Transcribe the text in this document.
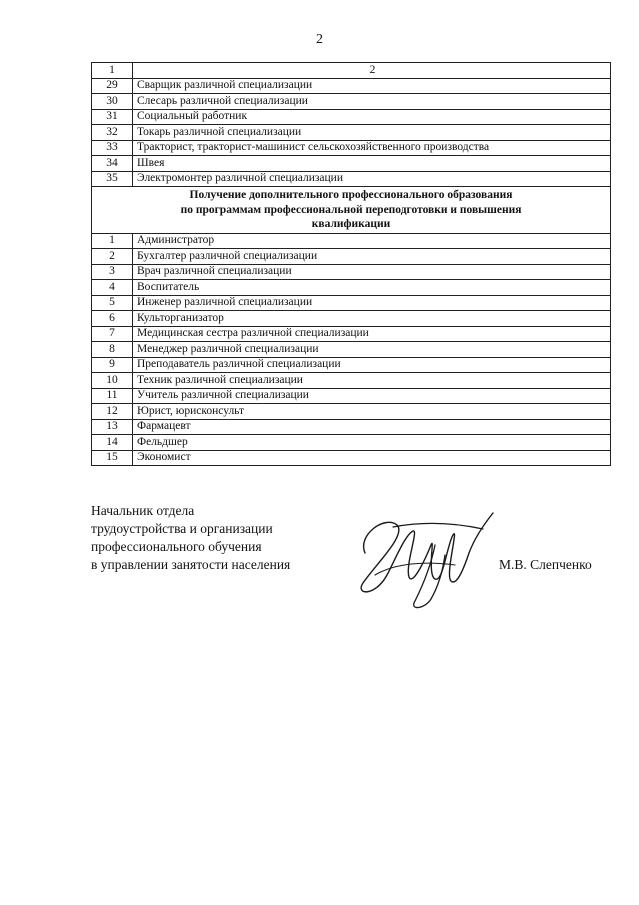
2
1	2
29	Сварщик различной специализации
30	Слесарь различной специализации
31	Социальный работник
32	Токарь различной специализации
33	Тракторист, тракторист-машинист сельскохозяйственного производства
34	Швея
35	Электромонтер различной специализации

Получение дополнительного профессионального образования
по программам профессиональной переподготовки и повышения
квалификации	

1	Администратор
2	Бухгалтер различной специализации
3	Врач различной специализации
4	Воспитатель
5	Инженер различной специализации
6	Культорганизатор
7	Медицинская сестра различной специализации
8	Менеджер различной специализации
9	Преподаватель различной специализации
10	Техник различной специализации
11	Учитель различной специализации
12	Юрист, юрисконсульт
13	Фармацевт
14	Фельдшер
15	Экономист
Начальник отдела
трудоустройства и организации
профессионального обучения
в управлении занятости населения	М.В. Слепченко
